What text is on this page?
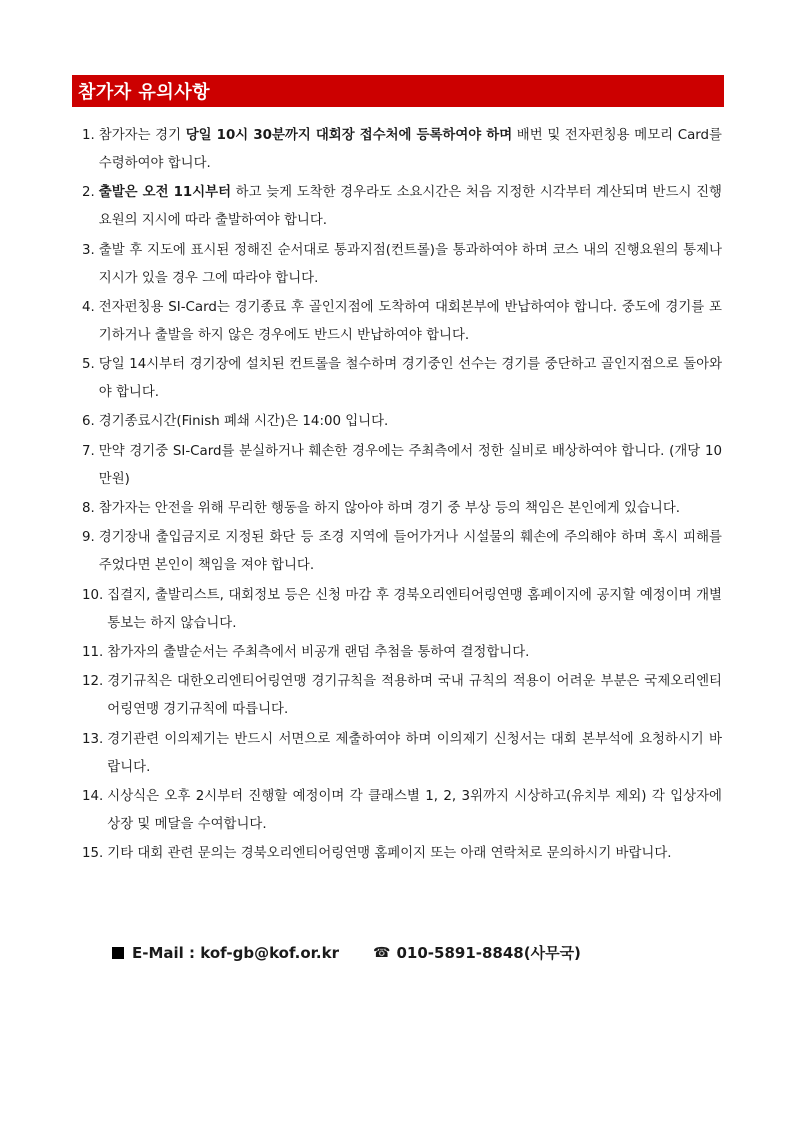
참가자 유의사항
1. 참가자는 경기 당일 10시 30분까지 대회장 접수처에 등록하여야 하며 배번 및 전자펀칭용 메모리 Card를 수령하여야 합니다.
2. 출발은 오전 11시부터 하고 늦게 도착한 경우라도 소요시간은 처음 지정한 시각부터 계산되며 반드시 진행요원의 지시에 따라 출발하여야 합니다.
3. 출발 후 지도에 표시된 정해진 순서대로 통과지점(컨트롤)을 통과하여야 하며 코스 내의 진행요원의 통제나 지시가 있을 경우 그에 따라야 합니다.
4. 전자펀칭용 SI-Card는 경기종료 후 골인지점에 도착하여 대회본부에 반납하여야 합니다. 중도에 경기를 포기하거나 출발을 하지 않은 경우에도 반드시 반납하여야 합니다.
5. 당일 14시부터 경기장에 설치된 컨트롤을 철수하며 경기중인 선수는 경기를 중단하고 골인지점으로 돌아와야 합니다.
6. 경기종료시간(Finish 폐쇄 시간)은 14:00 입니다.
7. 만약 경기중 SI-Card를 분실하거나 훼손한 경우에는 주최측에서 정한 실비로 배상하여야 합니다. (개당 10만원)
8. 참가자는 안전을 위해 무리한 행동을 하지 않아야 하며 경기 중 부상 등의 책임은 본인에게 있습니다.
9. 경기장내 출입금지로 지정된 화단 등 조경 지역에 들어가거나 시설물의 훼손에 주의해야 하며 혹시 피해를 주었다면 본인이 책임을 져야 합니다.
10. 집결지, 출발리스트, 대회정보 등은 신청 마감 후 경북오리엔티어링연맹 홈페이지에 공지할 예정이며 개별 통보는 하지 않습니다.
11. 참가자의 출발순서는 주최측에서 비공개 랜덤 추첨을 통하여 결정합니다.
12. 경기규칙은 대한오리엔티어링연맹 경기규칙을 적용하며 국내 규칙의 적용이 어려운 부분은 국제오리엔티어링연맹 경기규칙에 따릅니다.
13. 경기관련 이의제기는 반드시 서면으로 제출하여야 하며 이의제기 신청서는 대회 본부석에 요청하시기 바랍니다.
14. 시상식은 오후 2시부터 진행할 예정이며 각 클래스별 1, 2, 3위까지 시상하고(유치부 제외) 각 입상자에 상장 및 메달을 수여합니다.
15. 기타 대회 관련 문의는 경북오리엔티어링연맹 홈페이지 또는 아래 연락처로 문의하시기 바랍니다.
E-Mail : kof-gb@kof.or.kr ☎ 010-5891-8848(사무국)
